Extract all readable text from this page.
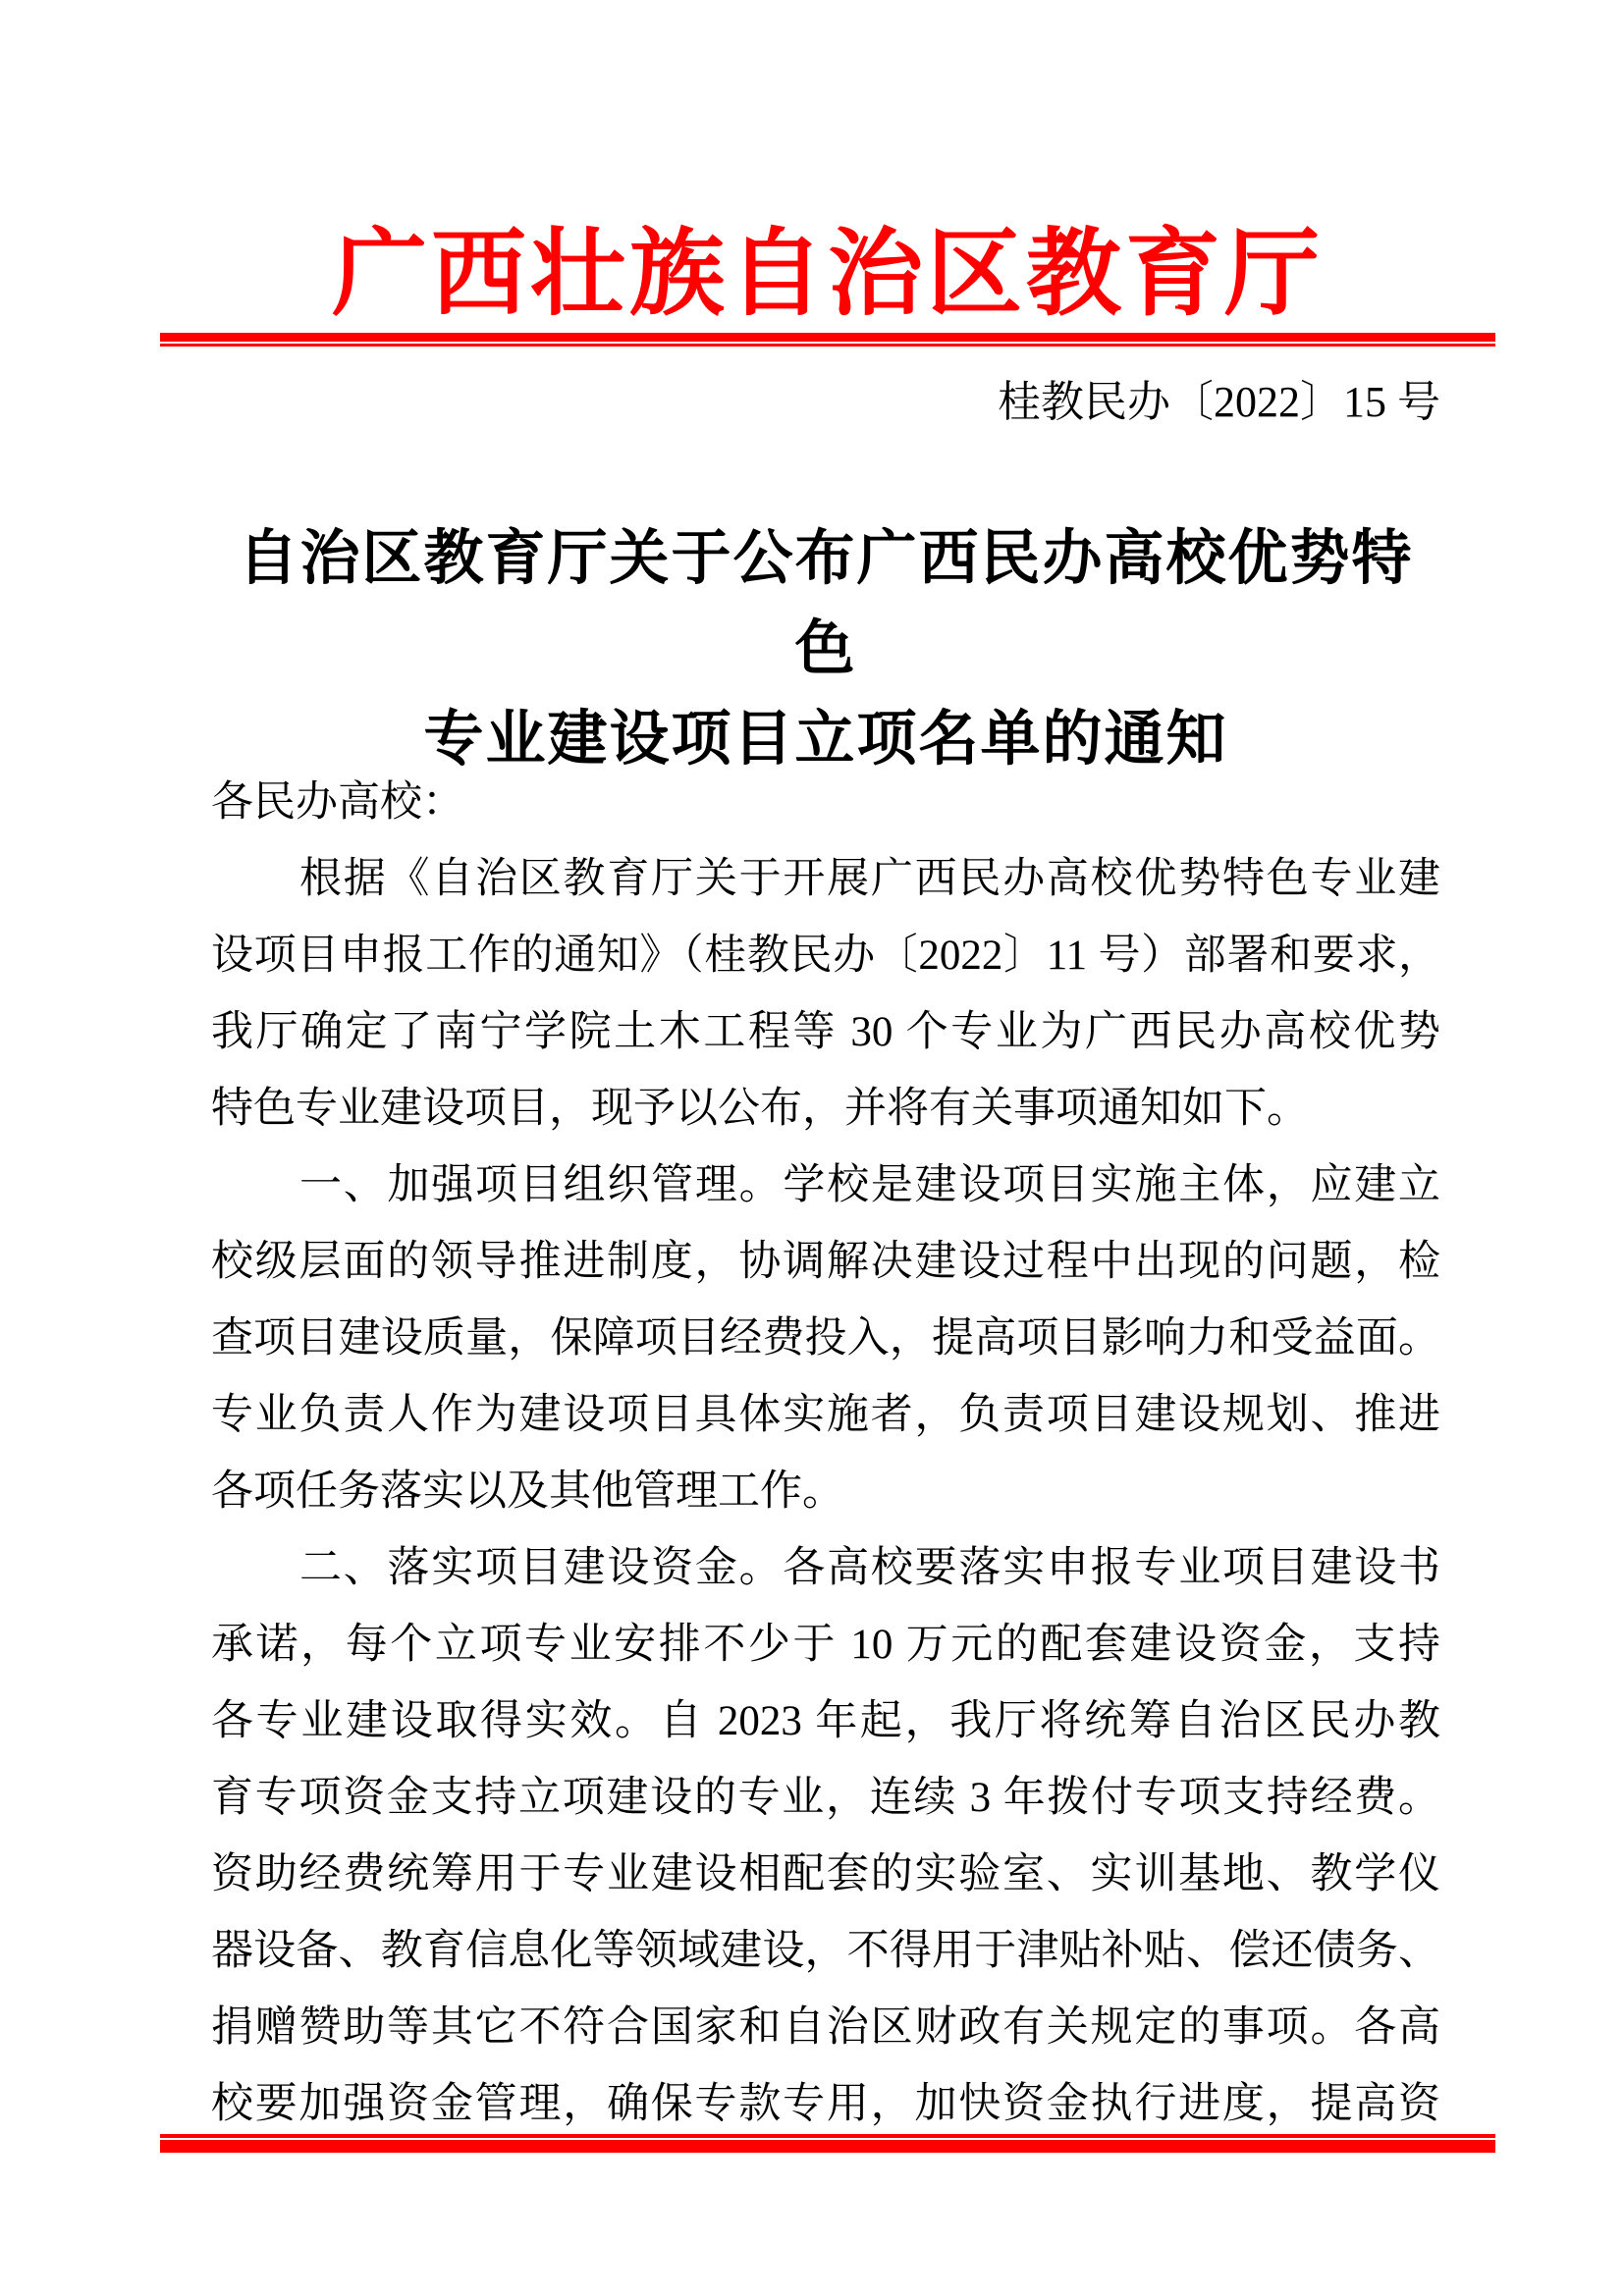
广西壮族自治区教育厅
桂教民办〔2022〕15 号
自治区教育厅关于公布广西民办高校优势特色
专业建设项目立项名单的通知
各民办高校：
根据《自治区教育厅关于开展广西民办高校优势特色专业建
设项目申报工作的通知》（桂教民办〔2022〕11 号）部署和要求，
我厅确定了南宁学院土木工程等 30 个专业为广西民办高校优势
特色专业建设项目，现予以公布，并将有关事项通知如下。
一、加强项目组织管理。学校是建设项目实施主体，应建立
校级层面的领导推进制度，协调解决建设过程中出现的问题，检
查项目建设质量，保障项目经费投入，提高项目影响力和受益面。
专业负责人作为建设项目具体实施者，负责项目建设规划、推进
各项任务落实以及其他管理工作。
二、落实项目建设资金。各高校要落实申报专业项目建设书
承诺，每个立项专业安排不少于 10 万元的配套建设资金，支持
各专业建设取得实效。自 2023 年起，我厅将统筹自治区民办教
育专项资金支持立项建设的专业，连续 3 年拨付专项支持经费。
资助经费统筹用于专业建设相配套的实验室、实训基地、教学仪
器设备、教育信息化等领域建设，不得用于津贴补贴、偿还债务、
捐赠赞助等其它不符合国家和自治区财政有关规定的事项。各高
校要加强资金管理，确保专款专用，加快资金执行进度，提高资
